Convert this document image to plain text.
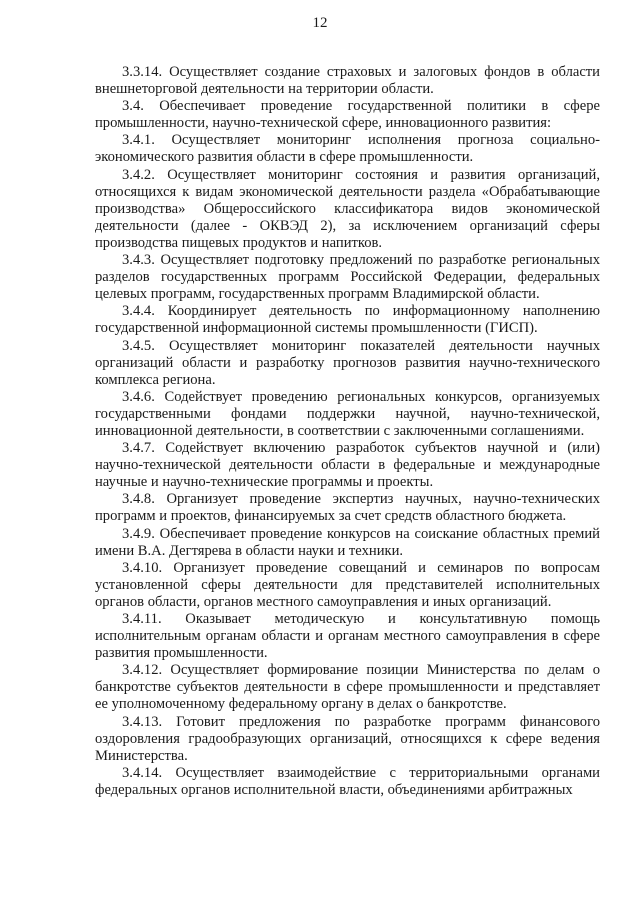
12

3.3.14. Осуществляет создание страховых и залоговых фондов в области внешнеторговой деятельности на территории области.

3.4. Обеспечивает проведение государственной политики в сфере промышленности, научно-технической сфере, инновационного развития:

3.4.1. Осуществляет мониторинг исполнения прогноза социально-экономического развития области в сфере промышленности.

3.4.2. Осуществляет мониторинг состояния и развития организаций, относящихся к видам экономической деятельности раздела «Обрабатывающие производства» Общероссийского классификатора видов экономической деятельности (далее - ОКВЭД 2), за исключением организаций сферы производства пищевых продуктов и напитков.

3.4.3. Осуществляет подготовку предложений по разработке региональных разделов государственных программ Российской Федерации, федеральных целевых программ, государственных программ Владимирской области.

3.4.4. Координирует деятельность по информационному наполнению государственной информационной системы промышленности (ГИСП).

3.4.5. Осуществляет мониторинг показателей деятельности научных организаций области и разработку прогнозов развития научно-технического комплекса региона.

3.4.6. Содействует проведению региональных конкурсов, организуемых государственными фондами поддержки научной, научно-технической, инновационной деятельности, в соответствии с заключенными соглашениями.

3.4.7. Содействует включению разработок субъектов научной и (или) научно-технической деятельности области в федеральные и международные научные и научно-технические программы и проекты.

3.4.8. Организует проведение экспертиз научных, научно-технических программ и проектов, финансируемых за счет средств областного бюджета.

3.4.9. Обеспечивает проведение конкурсов на соискание областных премий имени В.А. Дегтярева в области науки и техники.

3.4.10. Организует проведение совещаний и семинаров по вопросам установленной сферы деятельности для представителей исполнительных органов области, органов местного самоуправления и иных организаций.

3.4.11. Оказывает методическую и консультативную помощь исполнительным органам области и органам местного самоуправления в сфере развития промышленности.

3.4.12. Осуществляет формирование позиции Министерства по делам о банкротстве субъектов деятельности в сфере промышленности и представляет ее уполномоченному федеральному органу в делах о банкротстве.

3.4.13. Готовит предложения по разработке программ финансового оздоровления градообразующих организаций, относящихся к сфере ведения Министерства.

3.4.14. Осуществляет взаимодействие с территориальными органами федеральных органов исполнительной власти, объединениями арбитражных
